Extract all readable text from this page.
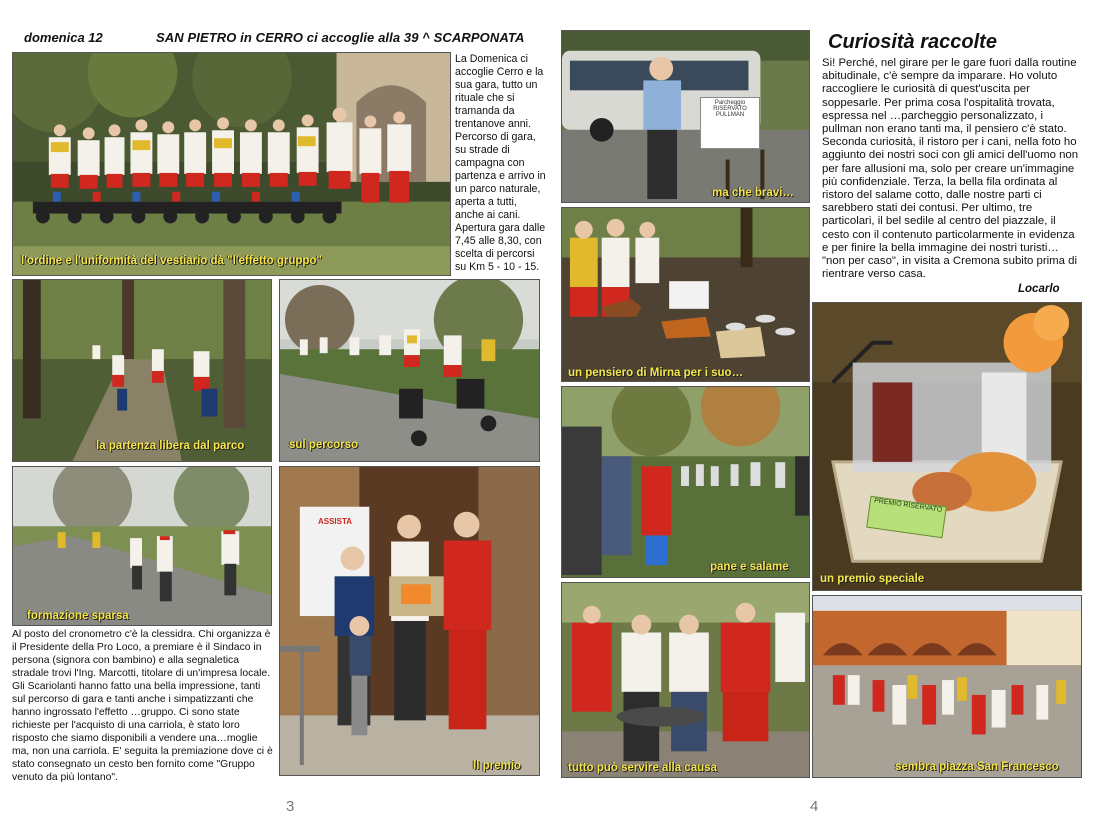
domenica 12	SAN PIETRO in CERRO ci accoglie alla 39 ^ SCARPONATA
l'ordine e l'uniformità del vestiario dà "l'effetto gruppo"
La Domenica ci accoglie Cerro e la sua gara, tutto un rituale che si tramanda da trentanove anni. Percorso di gara, su strade di campagna con partenza e arrivo in un parco naturale, aperta a tutti, anche ai cani. Apertura gara dalle 7,45 alle 8,30, con scelta di percorsi su Km 5 - 10 - 15.
la partenza libera dal parco	sul percorso
formazione sparsa
ASSISTA
Il premio
Al posto del cronometro c'è la clessidra. Chi organizza è il Presidente della Pro Loco, a premiare è il Sindaco in persona (signora con bambino) e alla segnaletica stradale trovi l'Ing. Marcotti, titolare di un'impresa locale. Gli Scariolanti hanno fatto una bella impressione, tanti sul percorso di gara e tanti anche i simpatizzanti che hanno ingrossato l'effetto …gruppo. Ci sono state richieste per l'acquisto di una carriola, è stato loro risposto che siamo disponibili a vendere una…moglie ma, non una carriola. E' seguita la premiazione dove ci è stato consegnato un cesto ben fornito come "Gruppo venuto da più lontano".
3
Parcheggio RISERVATO PULLMAN
ma che bravi…
un pensiero di Mirna per i suo…
Curiosità raccolte
Si! Perché, nel girare per le gare fuori dalla routine abitudinale, c'è sempre da imparare. Ho voluto raccogliere le curiosità di quest'uscita per soppesarle. Per prima cosa l'ospitalità trovata, espressa nel …parcheggio personalizzato, i pullman non erano tanti ma, il pensiero c'è stato. Seconda curiosità, il ristoro per i cani, nella foto ho aggiunto dei nostri soci con gli amici dell'uomo non per fare allusioni ma, solo per creare un'immagine più confidenziale. Terza, la bella fila ordinata al ristoro del salame cotto, dalle nostre parti ci sarebbero stati dei contusi. Per ultimo, tre particolari, il bel sedile al centro del piazzale, il cesto con il contenuto particolarmente in evidenza e per finire la bella immagine dei nostri turisti… "non per caso", in visita a Cremona subito prima di rientrare verso casa.
Locarlo
pane e salame
PREMIO RISERVATO
un premio speciale
tutto può servire alla causa	sembra piazza San Francesco
4
